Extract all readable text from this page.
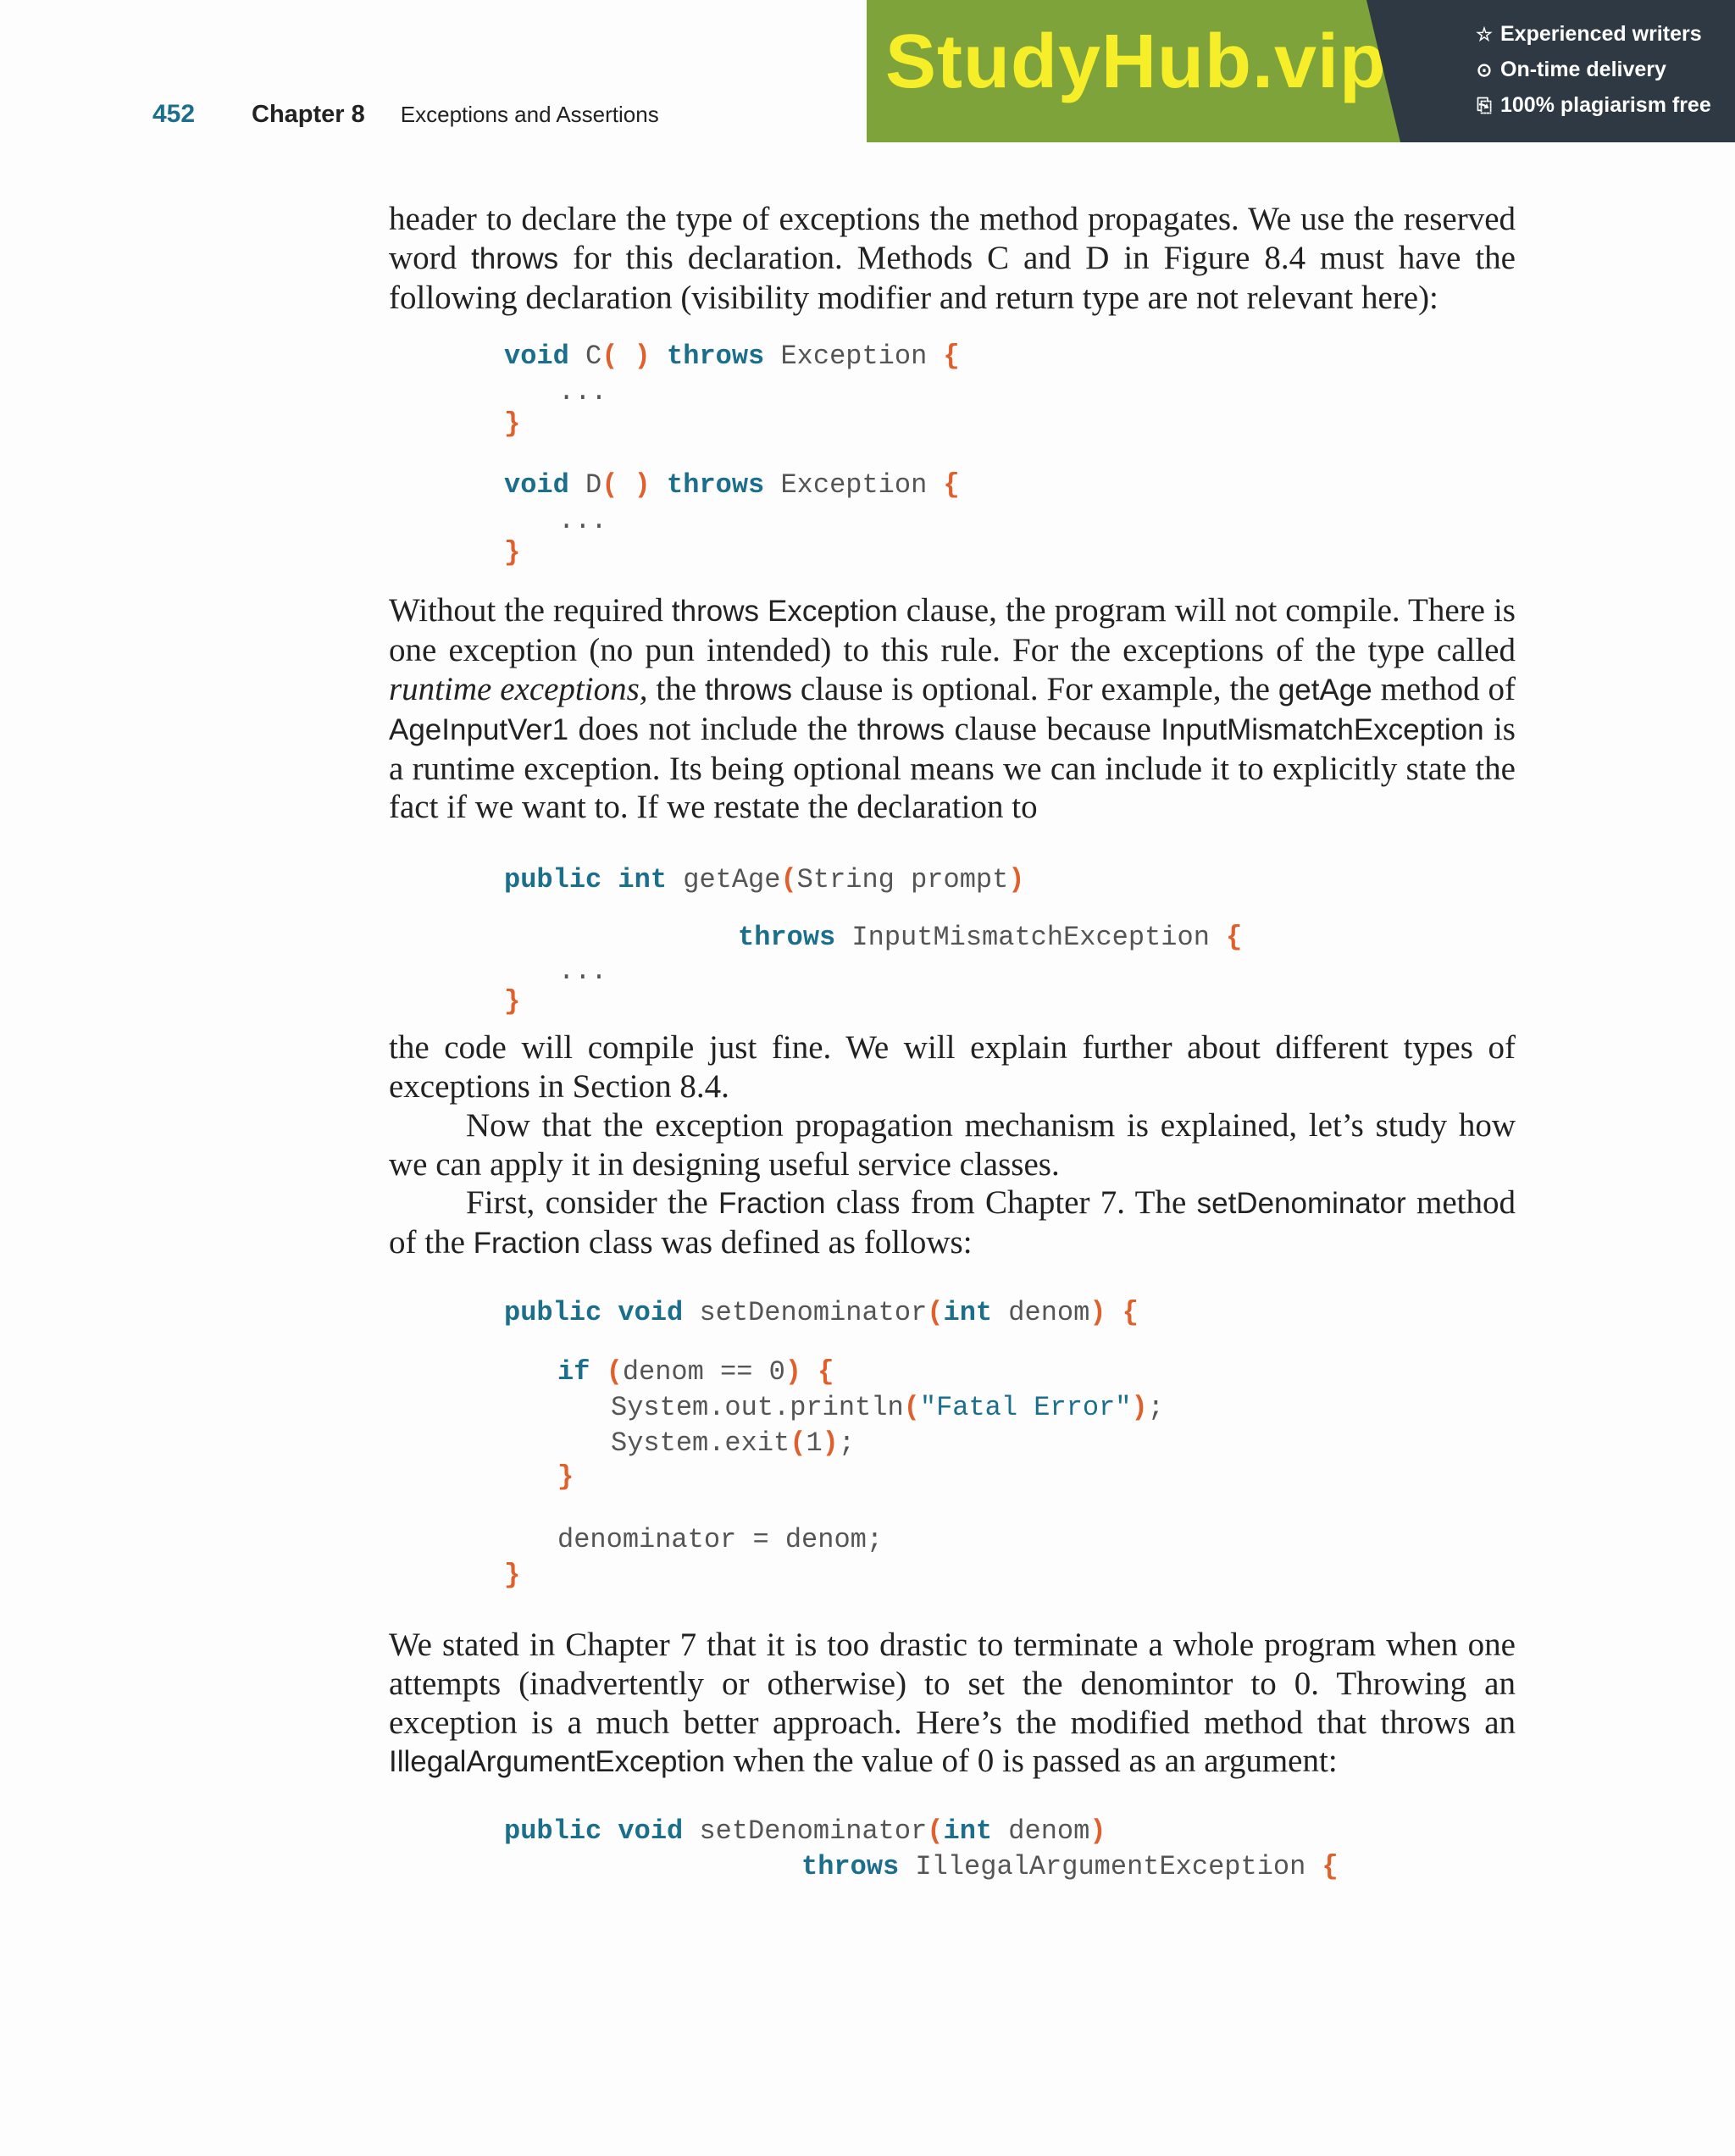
452	Chapter 8 Exceptions and Assertions
StudyHub.vip	☆ Experienced writers
⊙ On-time delivery
⎘ 100% plagiarism free

header to declare the type of exceptions the method propagates. We use the reserved word throws for this declaration. Methods C and D in Figure 8.4 must have the following declaration (visibility modifier and return type are not relevant here):

void C( ) throws Exception {
...
}
void D( ) throws Exception {
...
}

Without the required throws Exception clause, the program will not compile. There is one exception (no pun intended) to this rule. For the exceptions of the type called runtime exceptions, the throws clause is optional. For example, the getAge method of AgeInputVer1 does not include the throws clause because InputMismatchException is a runtime exception. Its being optional means we can include it to explicitly state the fact if we want to. If we restate the declaration to

public int getAge(String prompt)
throws InputMismatchException {
...
}

the code will compile just fine. We will explain further about different types of exceptions in Section 8.4.

Now that the exception propagation mechanism is explained, let’s study how we can apply it in designing useful service classes.

First, consider the Fraction class from Chapter 7. The setDenominator method of the Fraction class was defined as follows:

public void setDenominator(int denom) {
if (denom == 0) {
System.out.println("Fatal Error");
System.exit(1);
}
denominator = denom;
}

We stated in Chapter 7 that it is too drastic to terminate a whole program when one attempts (inadvertently or otherwise) to set the denomintor to 0. Throwing an exception is a much better approach. Here’s the modified method that throws an IllegalArgumentException when the value of 0 is passed as an argument:

public void setDenominator(int denom)
throws IllegalArgumentException {
